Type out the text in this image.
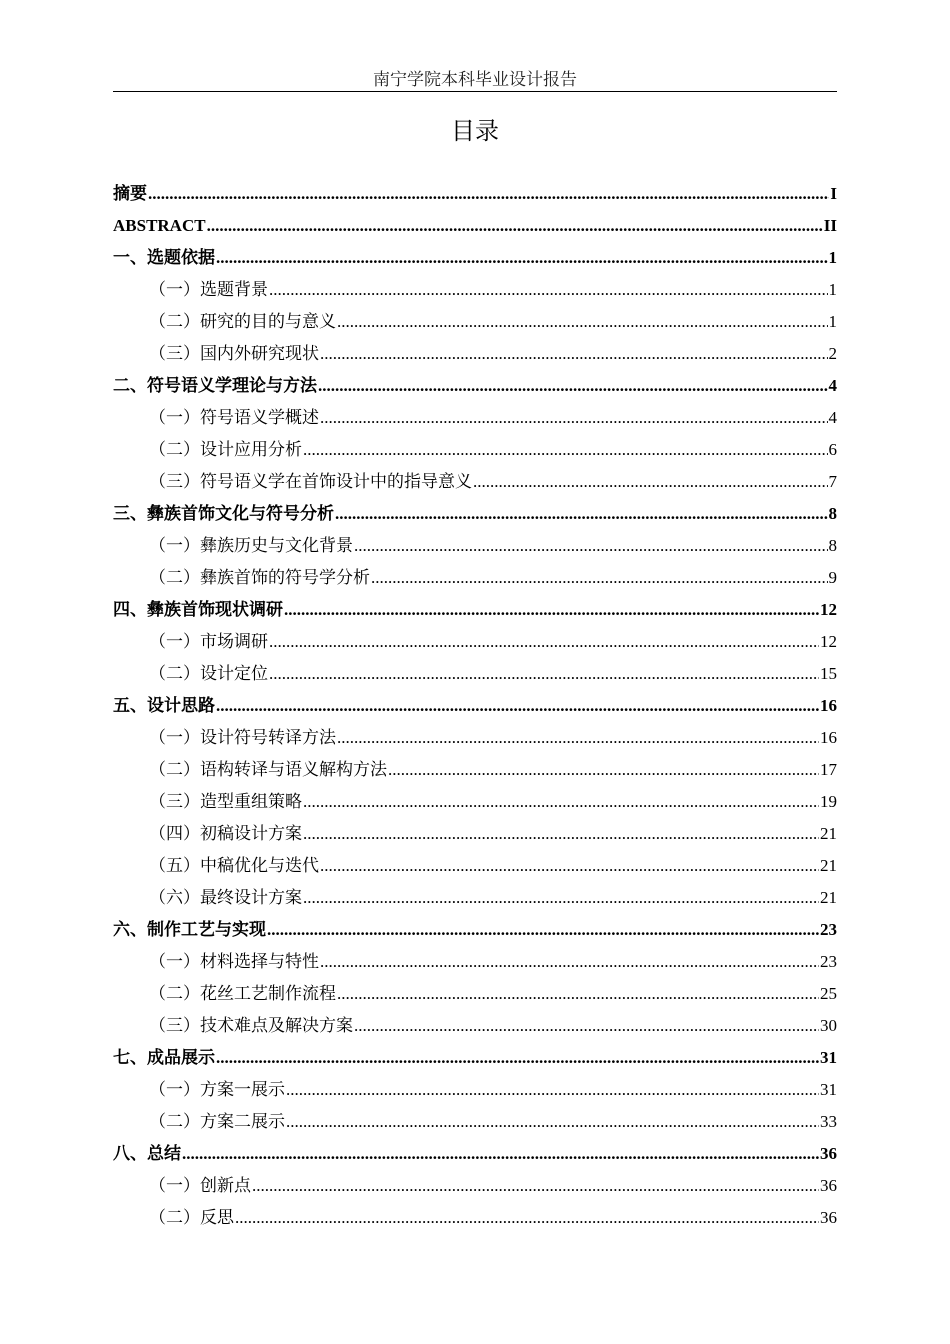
南宁学院本科毕业设计报告
目录
摘要 .....	I
ABSTRACT .....	II
一、选题依据 .....	1
（一）选题背景 .....	1
（二）研究的目的与意义 .....	1
（三）国内外研究现状 .....	2
二、符号语义学理论与方法 .....	4
（一）符号语义学概述 .....	4
（二）设计应用分析 .....	6
（三）符号语义学在首饰设计中的指导意义 .....	7
三、彝族首饰文化与符号分析 .....	8
（一）彝族历史与文化背景 .....	8
（二）彝族首饰的符号学分析 .....	9
四、彝族首饰现状调研 .....	12
（一）市场调研 .....	12
（二）设计定位 .....	15
五、设计思路 .....	16
（一）设计符号转译方法 .....	16
（二）语构转译与语义解构方法 .....	17
（三）造型重组策略 .....	19
（四）初稿设计方案 .....	21
（五）中稿优化与迭代 .....	21
（六）最终设计方案 .....	21
六、制作工艺与实现 .....	23
（一）材料选择与特性 .....	23
（二）花丝工艺制作流程 .....	25
（三）技术难点及解决方案 .....	30
七、成品展示 .....	31
（一）方案一展示 .....	31
（二）方案二展示 .....	33
八、总结 .....	36
（一）创新点 .....	36
（二）反思 .....	36
